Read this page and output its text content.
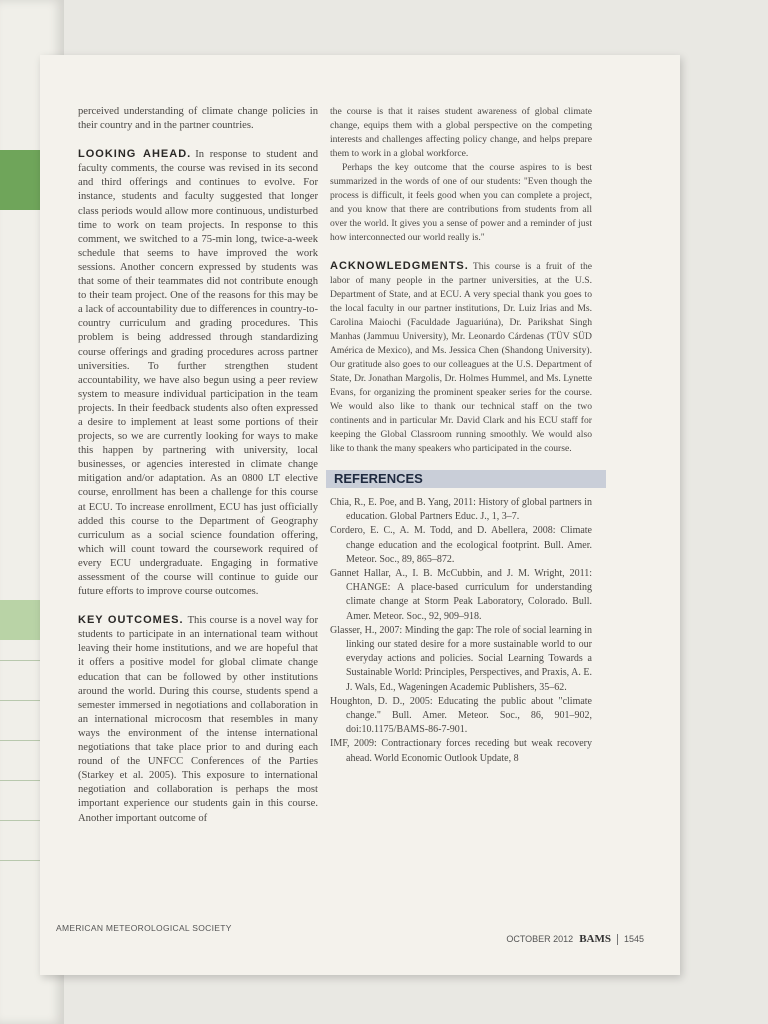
perceived understanding of climate change policies in their country and in the partner countries.

LOOKING AHEAD. In response to student and faculty comments, the course was revised in its second and third offerings and continues to evolve. For instance, students and faculty suggested that longer class periods would allow more continuous, undisturbed time to work on team projects. In response to this comment, we switched to a 75-min long, twice-a-week schedule that seems to have improved the work sessions. Another concern expressed by students was that some of their teammates did not contribute enough to their team project. One of the reasons for this may be a lack of accountability due to differences in country-to-country curriculum and grading procedures. This problem is being addressed through standardizing course offerings and grading procedures across partner universities. To further strengthen student accountability, we have also begun using a peer review system to measure individual participation in the team projects. In their feedback students also often expressed a desire to implement at least some portions of their projects, so we are currently looking for ways to make this happen by partnering with university, local businesses, or agencies interested in climate change mitigation and/or adaptation. As an 0800 LT elective course, enrollment has been a challenge for this course at ECU. To increase enrollment, ECU has just officially added this course to the Department of Geography curriculum as a social science foundation offering, which will count toward the coursework required of every ECU undergraduate. Engaging in formative assessment of the course will continue to guide our future efforts to improve course outcomes.

KEY OUTCOMES. This course is a novel way for students to participate in an international team without leaving their home institutions, and we are hopeful that it offers a positive model for global climate change education that can be followed by other institutions around the world. During this course, students spend a semester immersed in negotiations and collaboration in an international microcosm that resembles in many ways the environment of the intense international negotiations that take place prior to and during each round of the UNFCC Conferences of the Parties (Starkey et al. 2005). This exposure to international negotiation and collaboration is perhaps the most important experience our students gain in this course. Another important outcome of

the course is that it raises student awareness of global climate change, equips them with a global perspective on the competing interests and challenges affecting policy change, and helps prepare them to work in a global workforce.

Perhaps the key outcome that the course aspires to is best summarized in the words of one of our students: "Even though the process is difficult, it feels good when you can complete a project, and you know that there are contributions from students from all over the world. It gives you a sense of power and a reminder of just how interconnected our world really is."

ACKNOWLEDGMENTS. This course is a fruit of the labor of many people in the partner universities, at the U.S. Department of State, and at ECU. A very special thank you goes to the local faculty in our partner institutions, Dr. Luiz Irias and Ms. Carolina Maiochi (Faculdade Jaguariúna), Dr. Parikshat Singh Manhas (Jammuu University), Mr. Leonardo Cárdenas (TÜV SÜD América de Mexico), and Ms. Jessica Chen (Shandong University). Our gratitude also goes to our colleagues at the U.S. Department of State, Dr. Jonathan Margolis, Dr. Holmes Hummel, and Ms. Lynette Evans, for organizing the prominent speaker series for the course. We would also like to thank our technical staff on the two continents and in particular Mr. David Clark and his ECU staff for keeping the Global Classroom running smoothly. We would also like to thank the many speakers who participated in the course.

REFERENCES

Chia, R., E. Poe, and B. Yang, 2011: History of global partners in education. Global Partners Educ. J., 1, 3–7.

Cordero, E. C., A. M. Todd, and D. Abellera, 2008: Climate change education and the ecological footprint. Bull. Amer. Meteor. Soc., 89, 865–872.

Gannet Hallar, A., I. B. McCubbin, and J. M. Wright, 2011: CHANGE: A place-based curriculum for understanding climate change at Storm Peak Laboratory, Colorado. Bull. Amer. Meteor. Soc., 92, 909–918.

Glasser, H., 2007: Minding the gap: The role of social learning in linking our stated desire for a more sustainable world to our everyday actions and policies. Social Learning Towards a Sustainable World: Principles, Perspectives, and Praxis, A. E. J. Wals, Ed., Wageningen Academic Publishers, 35–62.

Houghton, D. D., 2005: Educating the public about "climate change." Bull. Amer. Meteor. Soc., 86, 901–902, doi:10.1175/BAMS-86-7-901.

IMF, 2009: Contractionary forces receding but weak recovery ahead. World Economic Outlook Update, 8

AMERICAN METEOROLOGICAL SOCIETY
OCTOBER 2012 BAMS 1545
